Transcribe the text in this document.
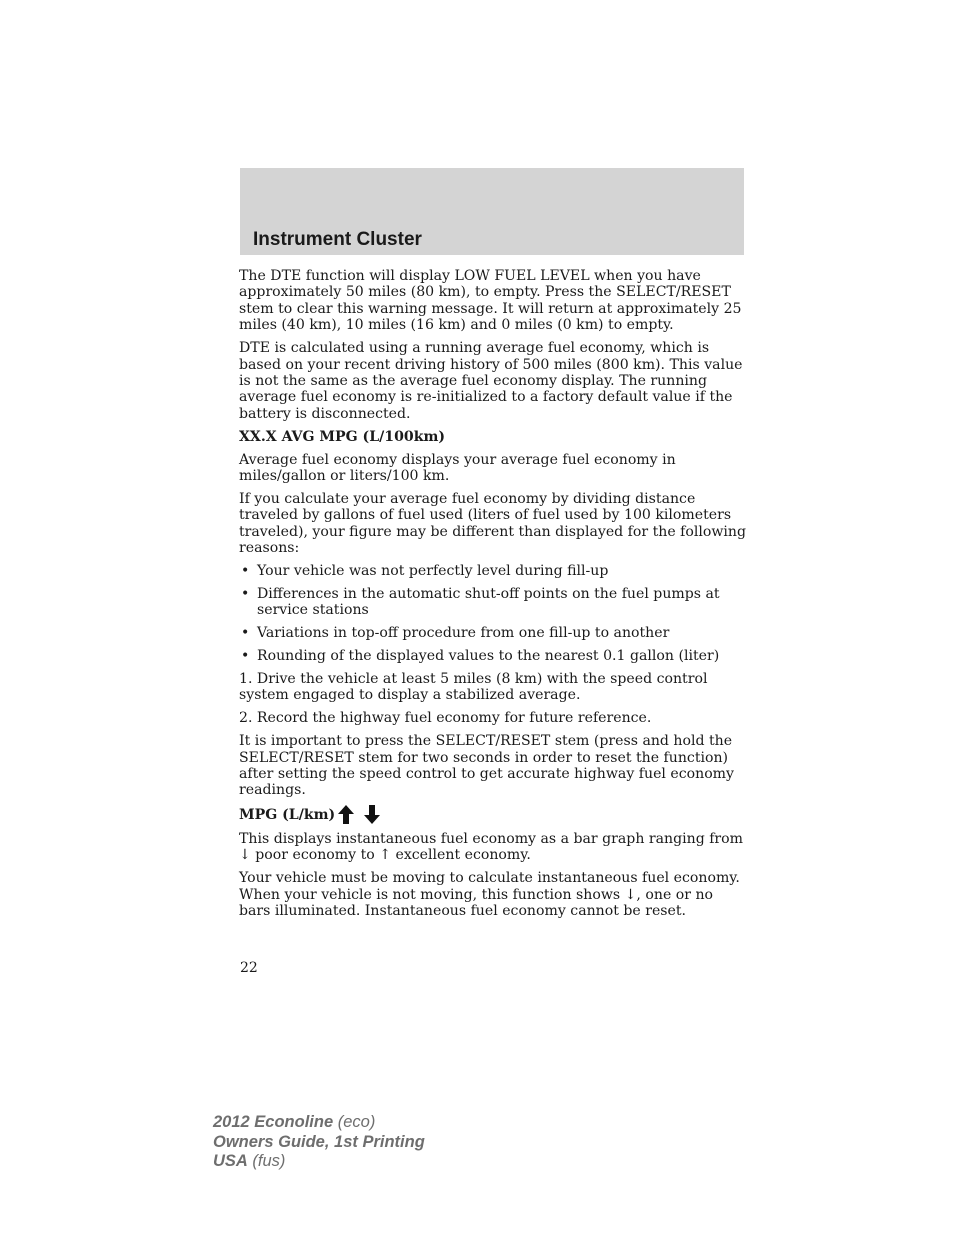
Instrument Cluster

The DTE function will display LOW FUEL LEVEL when you have approximately 50 miles (80 km), to empty. Press the SELECT/RESET stem to clear this warning message. It will return at approximately 25 miles (40 km), 10 miles (16 km) and 0 miles (0 km) to empty.

DTE is calculated using a running average fuel economy, which is based on your recent driving history of 500 miles (800 km). This value is not the same as the average fuel economy display. The running average fuel economy is re-initialized to a factory default value if the battery is disconnected.

XX.X AVG MPG (L/100km)

Average fuel economy displays your average fuel economy in miles/gallon or liters/100 km.

If you calculate your average fuel economy by dividing distance traveled by gallons of fuel used (liters of fuel used by 100 kilometers traveled), your figure may be different than displayed for the following reasons:

• Your vehicle was not perfectly level during fill-up
• Differences in the automatic shut-off points on the fuel pumps at service stations
• Variations in top-off procedure from one fill-up to another
• Rounding of the displayed values to the nearest 0.1 gallon (liter)

1. Drive the vehicle at least 5 miles (8 km) with the speed control system engaged to display a stabilized average.

2. Record the highway fuel economy for future reference.

It is important to press the SELECT/RESET stem (press and hold the SELECT/RESET stem for two seconds in order to reset the function) after setting the speed control to get accurate highway fuel economy readings.

MPG (L/km)

This displays instantaneous fuel economy as a bar graph ranging from ↓ poor economy to ↑ excellent economy.

Your vehicle must be moving to calculate instantaneous fuel economy. When your vehicle is not moving, this function shows ↓, one or no bars illuminated. Instantaneous fuel economy cannot be reset.

22
2012 Econoline (eco)
Owners Guide, 1st Printing
USA (fus)
